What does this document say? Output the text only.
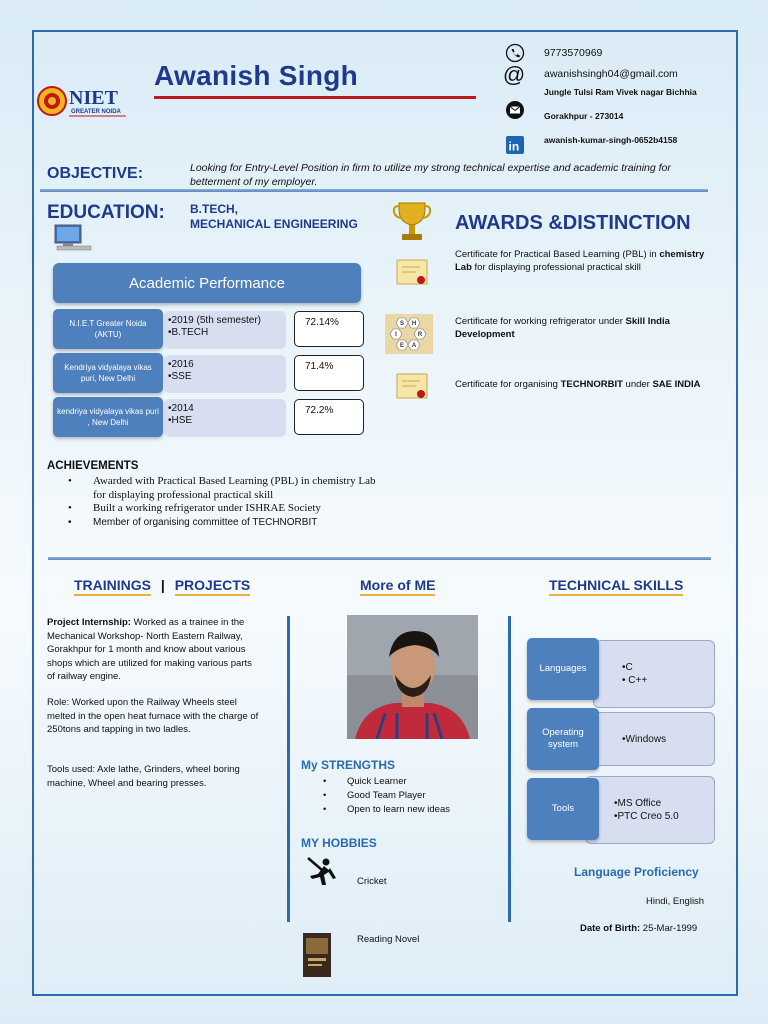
NIET
GREATER NOIDA
Awanish Singh
9773570969
@ awanishsingh04@gmail.com
Jungle Tulsi Ram Vivek nagar Bichhia
Gorakhpur - 273014
in	awanish-kumar-singh-0652b4158
OBJECTIVE:	Looking for Entry-Level Position in firm to utilize my strong technical expertise and academic training for betterment of my employer.
EDUCATION: B.TECH,
MECHANICAL ENGINEERING
Academic Performance
N.I.E.T Greater Noida (AKTU)
•2019 (5th semester)
•B.TECH
72.14%
Kendriya vidyalaya vikas puri, New Delhi
•2016
•SSE
71.4%
kendriya vidyalaya vikas puri , New Delhi
•2014
•HSE
72.2%
ACHIEVEMENTS
• Awarded with Practical Based Learning (PBL) in chemistry Lab for displaying professional practical skill
• Built a working refrigerator under ISHRAE Society
• Member of organising committee of TECHNORBIT
AWARDS &DISTINCTION
Certificate for Practical Based Learning (PBL) in chemistry Lab for displaying professional practical skill
S H
R
I
A
E
Certificate for working refrigerator under Skill India Development
Certificate for organising TECHNORBIT under SAE INDIA
TRAININGS | PROJECTS
Project Internship: Worked as a trainee in the Mechanical Workshop- North Eastern Railway, Gorakhpur for 1 month and know about various shops which are utilized for making various parts of railway engine.
Role: Worked upon the Railway Wheels steel melted in the open heat furnace with the charge of 250tons and tapping in two ladles.
Tools used: Axle lathe, Grinders, wheel boring machine, Wheel and bearing presses.
More of ME
My STRENGTHS
• Quick Learner
• Good Team Player
• Open to learn new ideas
MY HOBBIES
Cricket
Reading Novel
TECHNICAL SKILLS
•C
• C++
Languages
•Windows
Operating system
•MS Office
•PTC Creo 5.0
Tools
Language Proficiency
Hindi, English
Date of Birth: 25-Mar-1999
